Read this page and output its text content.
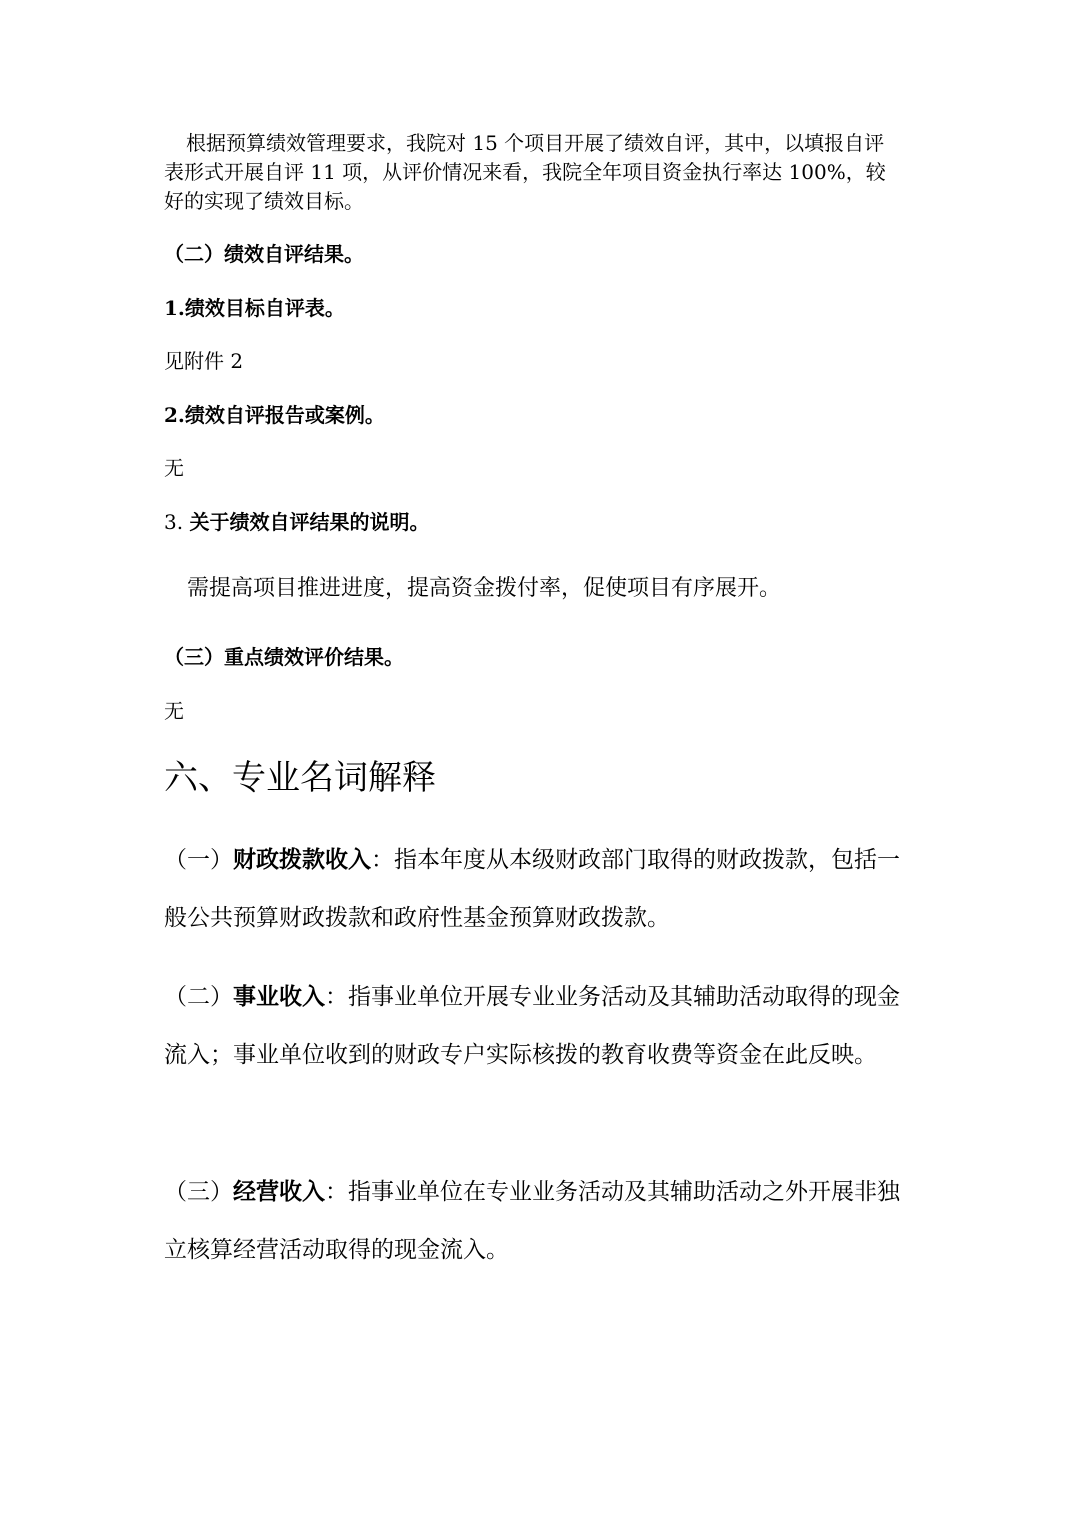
根据预算绩效管理要求，我院对 15 个项目开展了绩效自评，其中，以填报自评表形式开展自评 11 项，从评价情况来看，我院全年项目资金执行率达 100%，较好的实现了绩效目标。

（二）绩效自评结果。

1.绩效目标自评表。

见附件 2

2.绩效自评报告或案例。

无

3. 关于绩效自评结果的说明。

需提高项目推进进度，提高资金拨付率，促使项目有序展开。

（三）重点绩效评价结果。

无

六、专业名词解释

（一）财政拨款收入：指本年度从本级财政部门取得的财政拨款，包括一般公共预算财政拨款和政府性基金预算财政拨款。

（二）事业收入：指事业单位开展专业业务活动及其辅助活动取得的现金流入；事业单位收到的财政专户实际核拨的教育收费等资金在此反映。

（三）经营收入：指事业单位在专业业务活动及其辅助活动之外开展非独立核算经营活动取得的现金流入。
